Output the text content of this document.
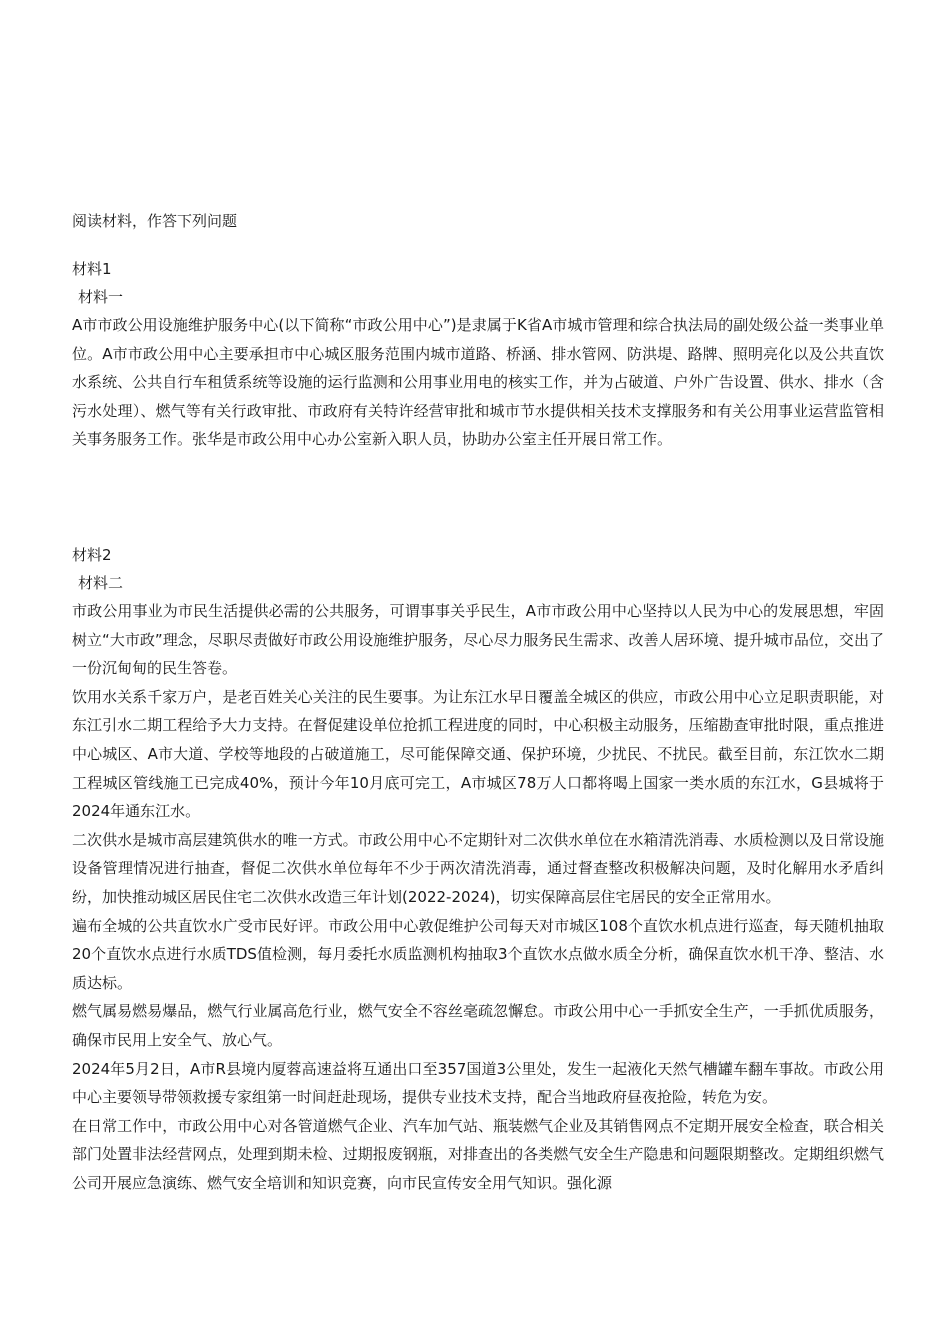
阅读材料，作答下列问题

材料1

材料一

A市市政公用设施维护服务中心(以下简称“市政公用中心”)是隶属于K省A市城市管理和综合执法局的副处级公益一类事业单位。A市市政公用中心主要承担市中心城区服务范围内城市道路、桥涵、排水管网、防洪堤、路牌、照明亮化以及公共直饮水系统、公共自行车租赁系统等设施的运行监测和公用事业用电的核实工作，并为占破道、户外广告设置、供水、排水（含污水处理）、燃气等有关行政审批、市政府有关特许经营审批和城市节水提供相关技术支撑服务和有关公用事业运营监管相关事务服务工作。张华是市政公用中心办公室新入职人员，协助办公室主任开展日常工作。

材料2

材料二

市政公用事业为市民生活提供必需的公共服务，可谓事事关乎民生，A市市政公用中心坚持以人民为中心的发展思想，牢固树立“大市政”理念，尽职尽责做好市政公用设施维护服务，尽心尽力服务民生需求、改善人居环境、提升城市品位，交出了一份沉甸甸的民生答卷。

饮用水关系千家万户，是老百姓关心关注的民生要事。为让东江水早日覆盖全城区的供应，市政公用中心立足职责职能，对东江引水二期工程给予大力支持。在督促建设单位抢抓工程进度的同时，中心积极主动服务，压缩勘查审批时限，重点推进中心城区、A市大道、学校等地段的占破道施工，尽可能保障交通、保护环境，少扰民、不扰民。截至目前，东江饮水二期工程城区管线施工已完成40%，预计今年10月底可完工，A市城区78万人口都将喝上国家一类水质的东江水，G县城将于2024年通东江水。

二次供水是城市高层建筑供水的唯一方式。市政公用中心不定期针对二次供水单位在水箱清洗消毒、水质检测以及日常设施设备管理情况进行抽查，督促二次供水单位每年不少于两次清洗消毒，通过督查整改积极解决问题，及时化解用水矛盾纠纷，加快推动城区居民住宅二次供水改造三年计划(2022-2024)，切实保障高层住宅居民的安全正常用水。

遍布全城的公共直饮水广受市民好评。市政公用中心敦促维护公司每天对市城区108个直饮水机点进行巡查，每天随机抽取20个直饮水点进行水质TDS值检测，每月委托水质监测机构抽取3个直饮水点做水质全分析，确保直饮水机干净、整洁、水质达标。

燃气属易燃易爆品，燃气行业属高危行业，燃气安全不容丝毫疏忽懈怠。市政公用中心一手抓安全生产，一手抓优质服务，确保市民用上安全气、放心气。

2024年5月2日，A市R县境内厦蓉高速益将互通出口至357国道3公里处，发生一起液化天然气槽罐车翻车事故。市政公用中心主要领导带领救援专家组第一时间赶赴现场，提供专业技术支持，配合当地政府昼夜抢险，转危为安。

在日常工作中，市政公用中心对各管道燃气企业、汽车加气站、瓶装燃气企业及其销售网点不定期开展安全检查，联合相关部门处置非法经营网点，处理到期未检、过期报废钢瓶，对排查出的各类燃气安全生产隐患和问题限期整改。定期组织燃气公司开展应急演练、燃气安全培训和知识竞赛，向市民宣传安全用气知识。强化源
